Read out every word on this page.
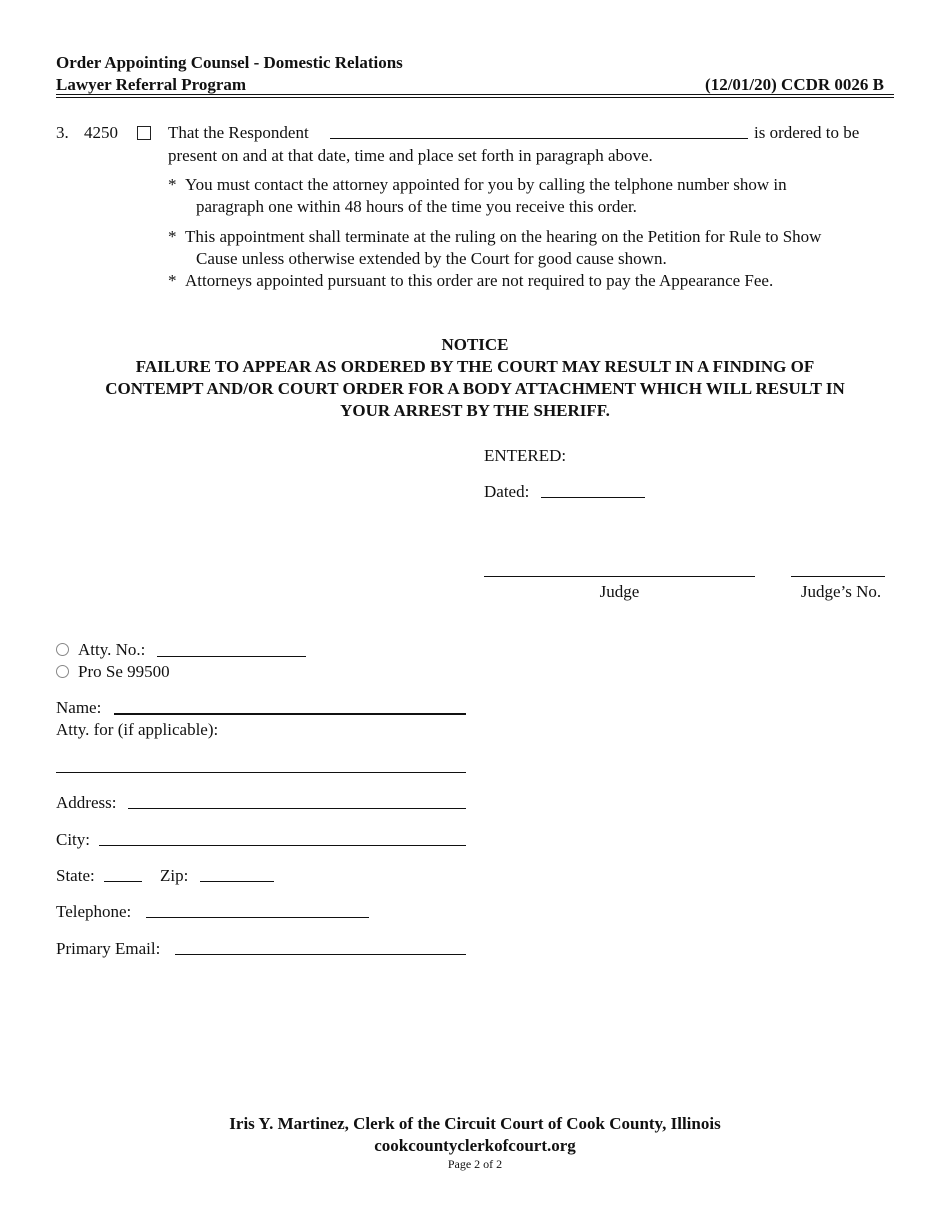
Order Appointing Counsel - Domestic Relations
Lawyer Referral Program	(12/01/20) CCDR 0026 B
3. 4250	That the Respondent	is ordered to be
present on and at that date, time and place set forth in paragraph above.
* You must contact the attorney appointed for you by calling the telphone number show in
paragraph one within 48 hours of the time you receive this order.
* This appointment shall terminate at the ruling on the hearing on the Petition for Rule to Show
Cause unless otherwise extended by the Court for good cause shown.
* Attorneys appointed pursuant to this order are not required to pay the Appearance Fee.
NOTICE
FAILURE TO APPEAR AS ORDERED BY THE COURT MAY RESULT IN A FINDING OF
CONTEMPT AND/OR COURT ORDER FOR A BODY ATTACHMENT WHICH WILL RESULT IN
YOUR ARREST BY THE SHERIFF.
ENTERED:
Dated:
Judge	Judge’s No.
Atty. No.:
Pro Se 99500
Name:
Atty. for (if applicable):
Address:
City:
State:	Zip:
Telephone:
Primary Email:
Iris Y. Martinez, Clerk of the Circuit Court of Cook County, Illinois
cookcountyclerkofcourt.org
Page 2 of 2
